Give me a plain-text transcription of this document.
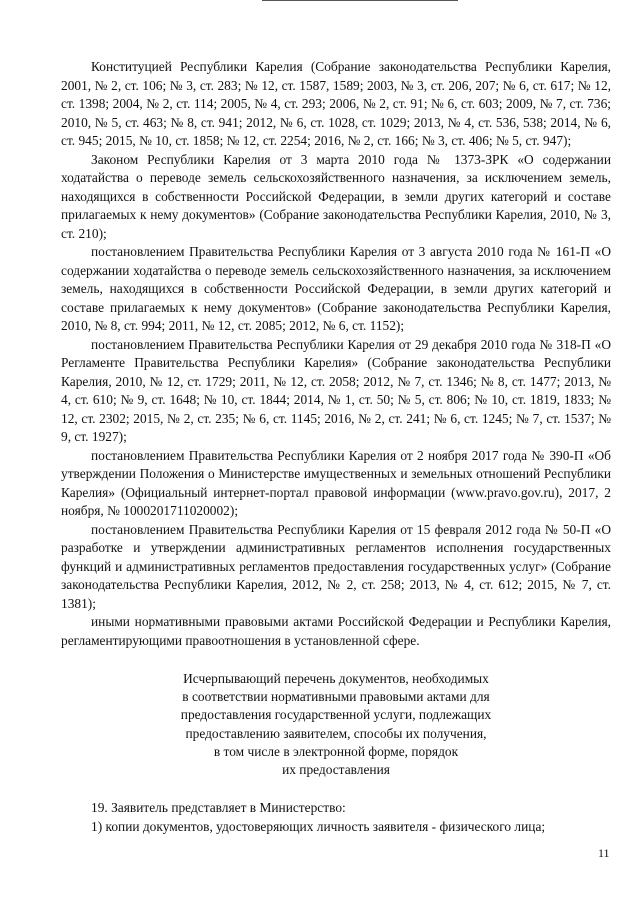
Конституцией Республики Карелия (Собрание законодательства Республики Карелия, 2001, № 2, ст. 106; № 3, ст. 283; № 12, ст. 1587, 1589; 2003, № 3, ст. 206, 207; № 6, ст. 617; № 12, ст. 1398; 2004, № 2, ст. 114; 2005, № 4, ст. 293; 2006, № 2, ст. 91; № 6, ст. 603; 2009, № 7, ст. 736; 2010, № 5, ст. 463; № 8, ст. 941; 2012, № 6, ст. 1028, ст. 1029; 2013, № 4, ст. 536, 538; 2014, № 6, ст. 945; 2015, № 10, ст. 1858; № 12, ст. 2254; 2016, № 2, ст. 166; № 3, ст. 406; № 5, ст. 947);

Законом Республики Карелия от 3 марта 2010 года № 1373-ЗРК «О содержании ходатайства о переводе земель сельскохозяйственного назначения, за исключением земель, находящихся в собственности Российской Федерации, в земли других категорий и составе прилагаемых к нему документов» (Собрание законодательства Республики Карелия, 2010, № 3, ст. 210);

постановлением Правительства Республики Карелия от 3 августа 2010 года № 161-П «О содержании ходатайства о переводе земель сельскохозяйственного назначения, за исключением земель, находящихся в собственности Российской Федерации, в земли других категорий и составе прилагаемых к нему документов» (Собрание законодательства Республики Карелия, 2010, № 8, ст. 994; 2011, № 12, ст. 2085; 2012, № 6, ст. 1152);

постановлением Правительства Республики Карелия от 29 декабря 2010 года № 318-П «О Регламенте Правительства Республики Карелия» (Собрание законодательства Республики Карелия, 2010, № 12, ст. 1729; 2011, № 12, ст. 2058; 2012, № 7, ст. 1346; № 8, ст. 1477; 2013, № 4, ст. 610; № 9, ст. 1648; № 10, ст. 1844; 2014, № 1, ст. 50; № 5, ст. 806; № 10, ст. 1819, 1833; № 12, ст. 2302; 2015, № 2, ст. 235; № 6, ст. 1145; 2016, № 2, ст. 241; № 6, ст. 1245; № 7, ст. 1537; № 9, ст. 1927);

постановлением Правительства Республики Карелия от 2 ноября 2017 года № 390-П «Об утверждении Положения о Министерстве имущественных и земельных отношений Республики Карелия» (Официальный интернет-портал правовой информации (www.pravo.gov.ru), 2017, 2 ноября, № 1000201711020002);

постановлением Правительства Республики Карелия от 15 февраля 2012 года № 50-П «О разработке и утверждении административных регламентов исполнения государственных функций и административных регламентов предоставления государственных услуг» (Собрание законодательства Республики Карелия, 2012, № 2, ст. 258; 2013, № 4, ст. 612; 2015, № 7, ст. 1381);

иными нормативными правовыми актами Российской Федерации и Республики Карелия, регламентирующими правоотношения в установленной сфере.

Исчерпывающий перечень документов, необходимых
в соответствии нормативными правовыми актами для
предоставления государственной услуги, подлежащих
предоставлению заявителем, способы их получения,
в том числе в электронной форме, порядок
их предоставления

19. Заявитель представляет в Министерство:

1) копии документов, удостоверяющих личность заявителя - физического лица;

11
